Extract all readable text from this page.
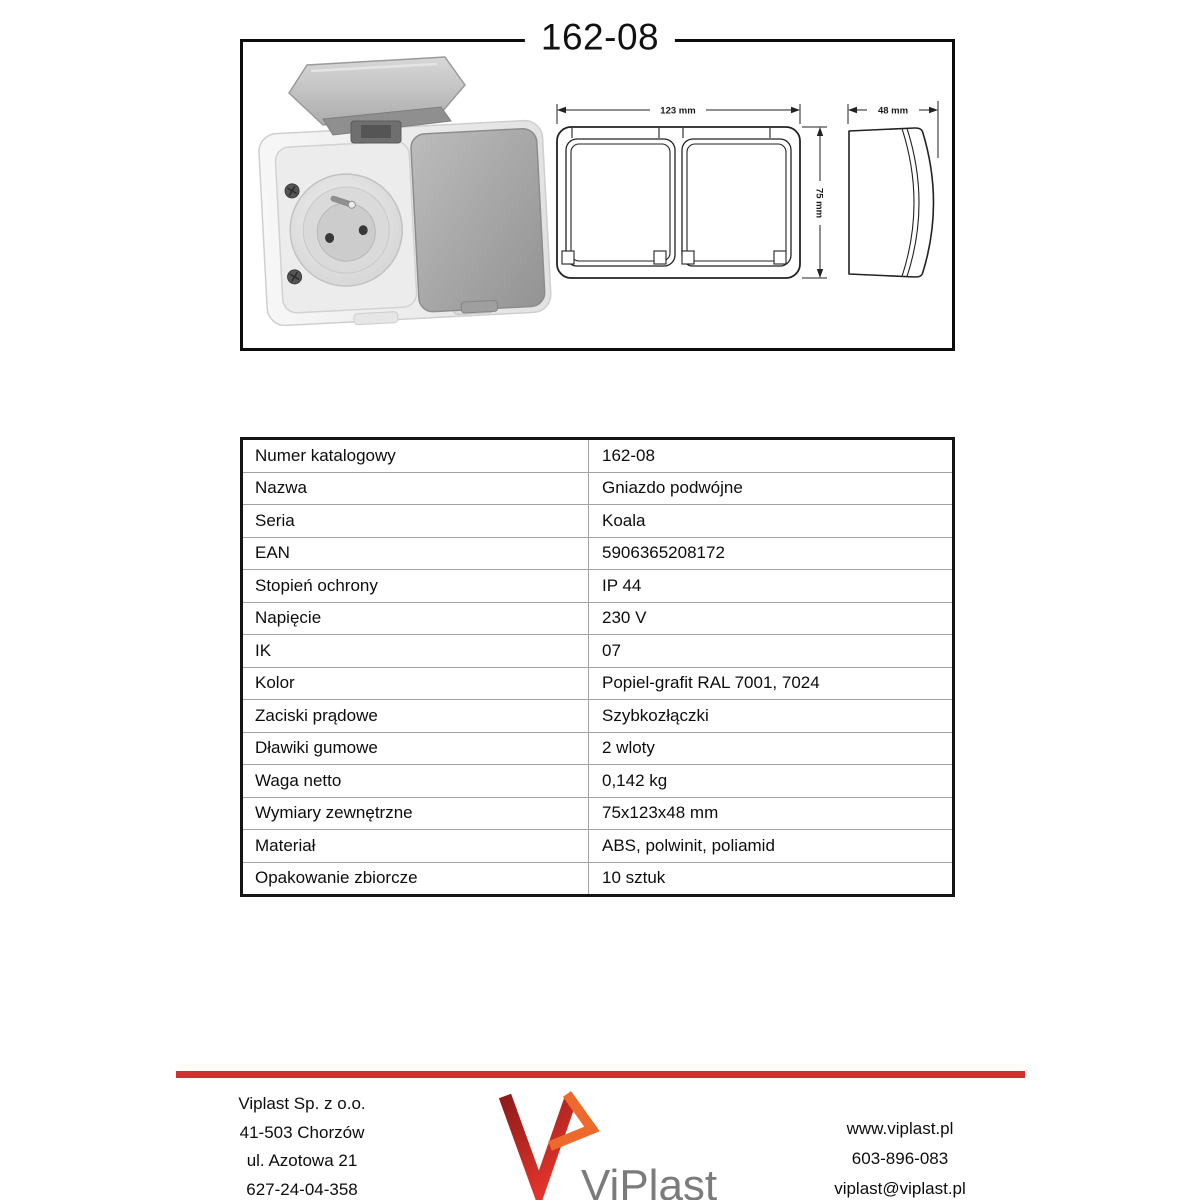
162-08
123 mm
75 mm
48 mm
Numer katalogowy	162-08
Nazwa	Gniazdo podwójne
Seria	Koala
EAN	5906365208172
Stopień ochrony	IP 44
Napięcie	230 V
IK	07
Kolor	Popiel-grafit RAL 7001, 7024
Zaciski prądowe	Szybkozłączki
Dławiki gumowe	2 wloty
Waga netto	0,142 kg
Wymiary zewnętrzne	75x123x48 mm
Materiał	ABS, polwinit, poliamid
Opakowanie zbiorcze	10 sztuk
Viplast Sp. z o.o.
41-503 Chorzów
ul. Azotowa 21
627-24-04-358	ViPlast
www.viplast.pl
603-896-083
viplast@viplast.pl
